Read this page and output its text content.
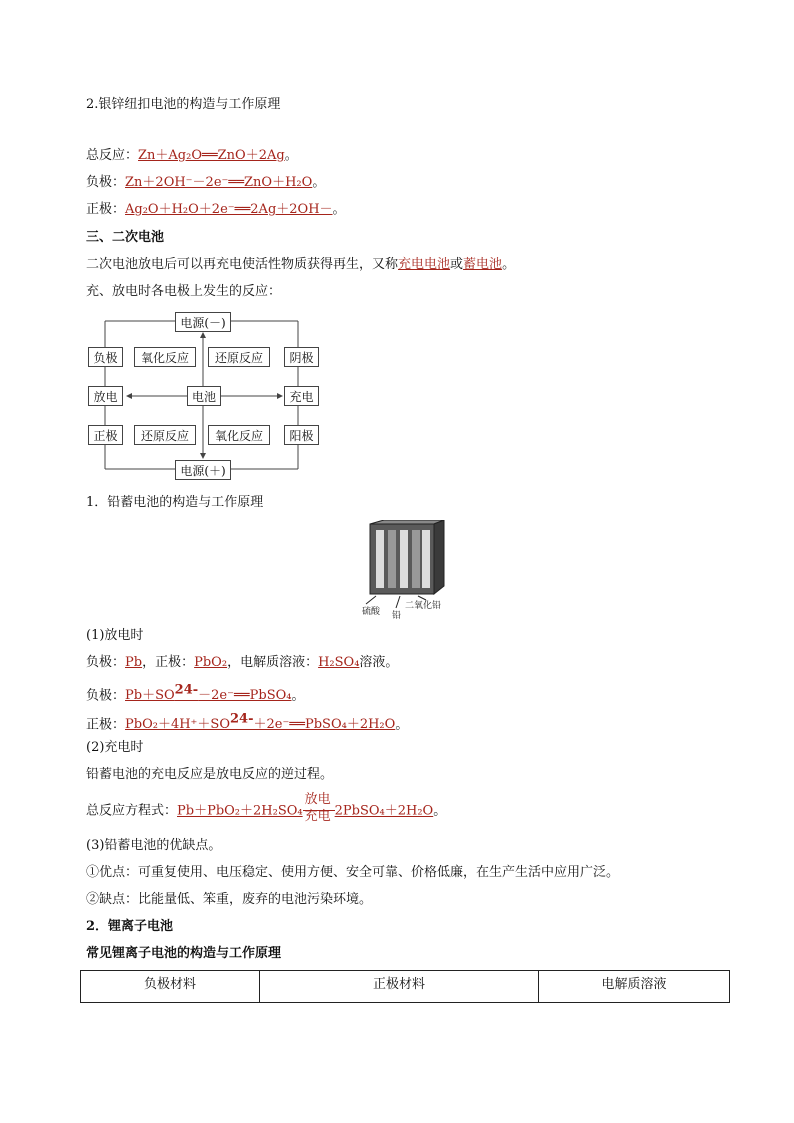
2.银锌纽扣电池的构造与工作原理
总反应：Zn＋Ag₂O══ZnO＋2Ag。
负极：Zn＋2OH⁻－2e⁻══ZnO＋H₂O。
正极：Ag₂O＋H₂O＋2e⁻══2Ag＋2OH－。
三、二次电池
二次电池放电后可以再充电使活性物质获得再生，又称充电电池或蓄电池。
充、放电时各电极上发生的反应：
电源(－)
负极	氧化反应	还原反应	阴极
放电	电池	充电
正极	还原反应	氧化反应	阳极
电源(＋)
1．铅蓄电池的构造与工作原理
硫酸 铅
二氧化铅
(1)放电时
负极：Pb，正极：PbO₂，电解质溶液：H₂SO₄溶液。
负极：$Pb+SO^{24-}-2e^-══PbSO_4$。
正极：$PbO_2+4H^++SO^{24-}+2e^-══PbSO_4+2H_2O$。
(2)充电时
铅蓄电池的充电反应是放电反应的逆过程。
总反应方程式：Pb＋PbO₂＋2H₂SO₄
放电
充电 2PbSO₄＋2H₂O。
(3)铅蓄电池的优缺点。
①优点：可重复使用、电压稳定、使用方便、安全可靠、价格低廉，在生产生活中应用广泛。
②缺点：比能量低、笨重，废弃的电池污染环境。
2．锂离子电池
常见锂离子电池的构造与工作原理
负极材料	正极材料	电解质溶液
